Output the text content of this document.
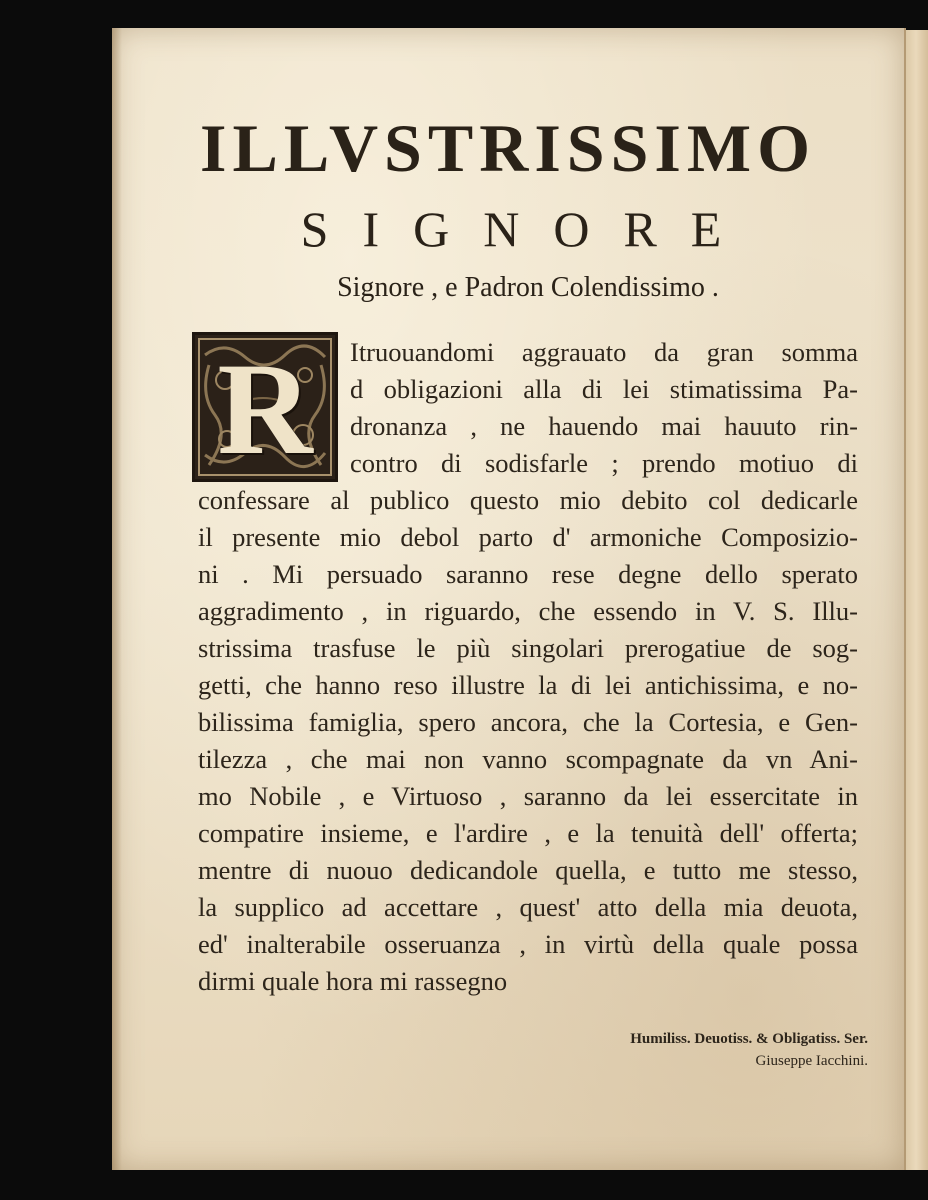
ILLVSTRISSIMO
SIGNORE
Signore , e Padron Colendissimo .
R	Itruouandomi aggrauato da gran somma
d obligazioni alla di lei stimatissima Pa-
dronanza , ne hauendo mai hauuto rin-
contro di sodisfarle ; prendo motiuo di
confessare al publico questo mio debito col dedicarle
il presente mio debol parto d' armoniche Composizio-
ni . Mi persuado saranno rese degne dello sperato
aggradimento , in riguardo, che essendo in V. S. Illu-
strissima trasfuse le più singolari prerogatiue de sog-
getti, che hanno reso illustre la di lei antichissima, e no-
bilissima famiglia, spero ancora, che la Cortesia, e Gen-
tilezza , che mai non vanno scompagnate da vn Ani-
mo Nobile , e Virtuoso , saranno da lei essercitate in
compatire insieme, e l'ardire , e la tenuità dell' offerta;
mentre di nuouo dedicandole quella, e tutto me stesso,
la supplico ad accettare , quest' atto della mia deuota,
ed' inalterabile osseruanza , in virtù della quale possa
dirmi quale hora mi rassegno
Humiliss. Deuotiss. & Obligatiss. Ser.
Giuseppe Iacchini.
